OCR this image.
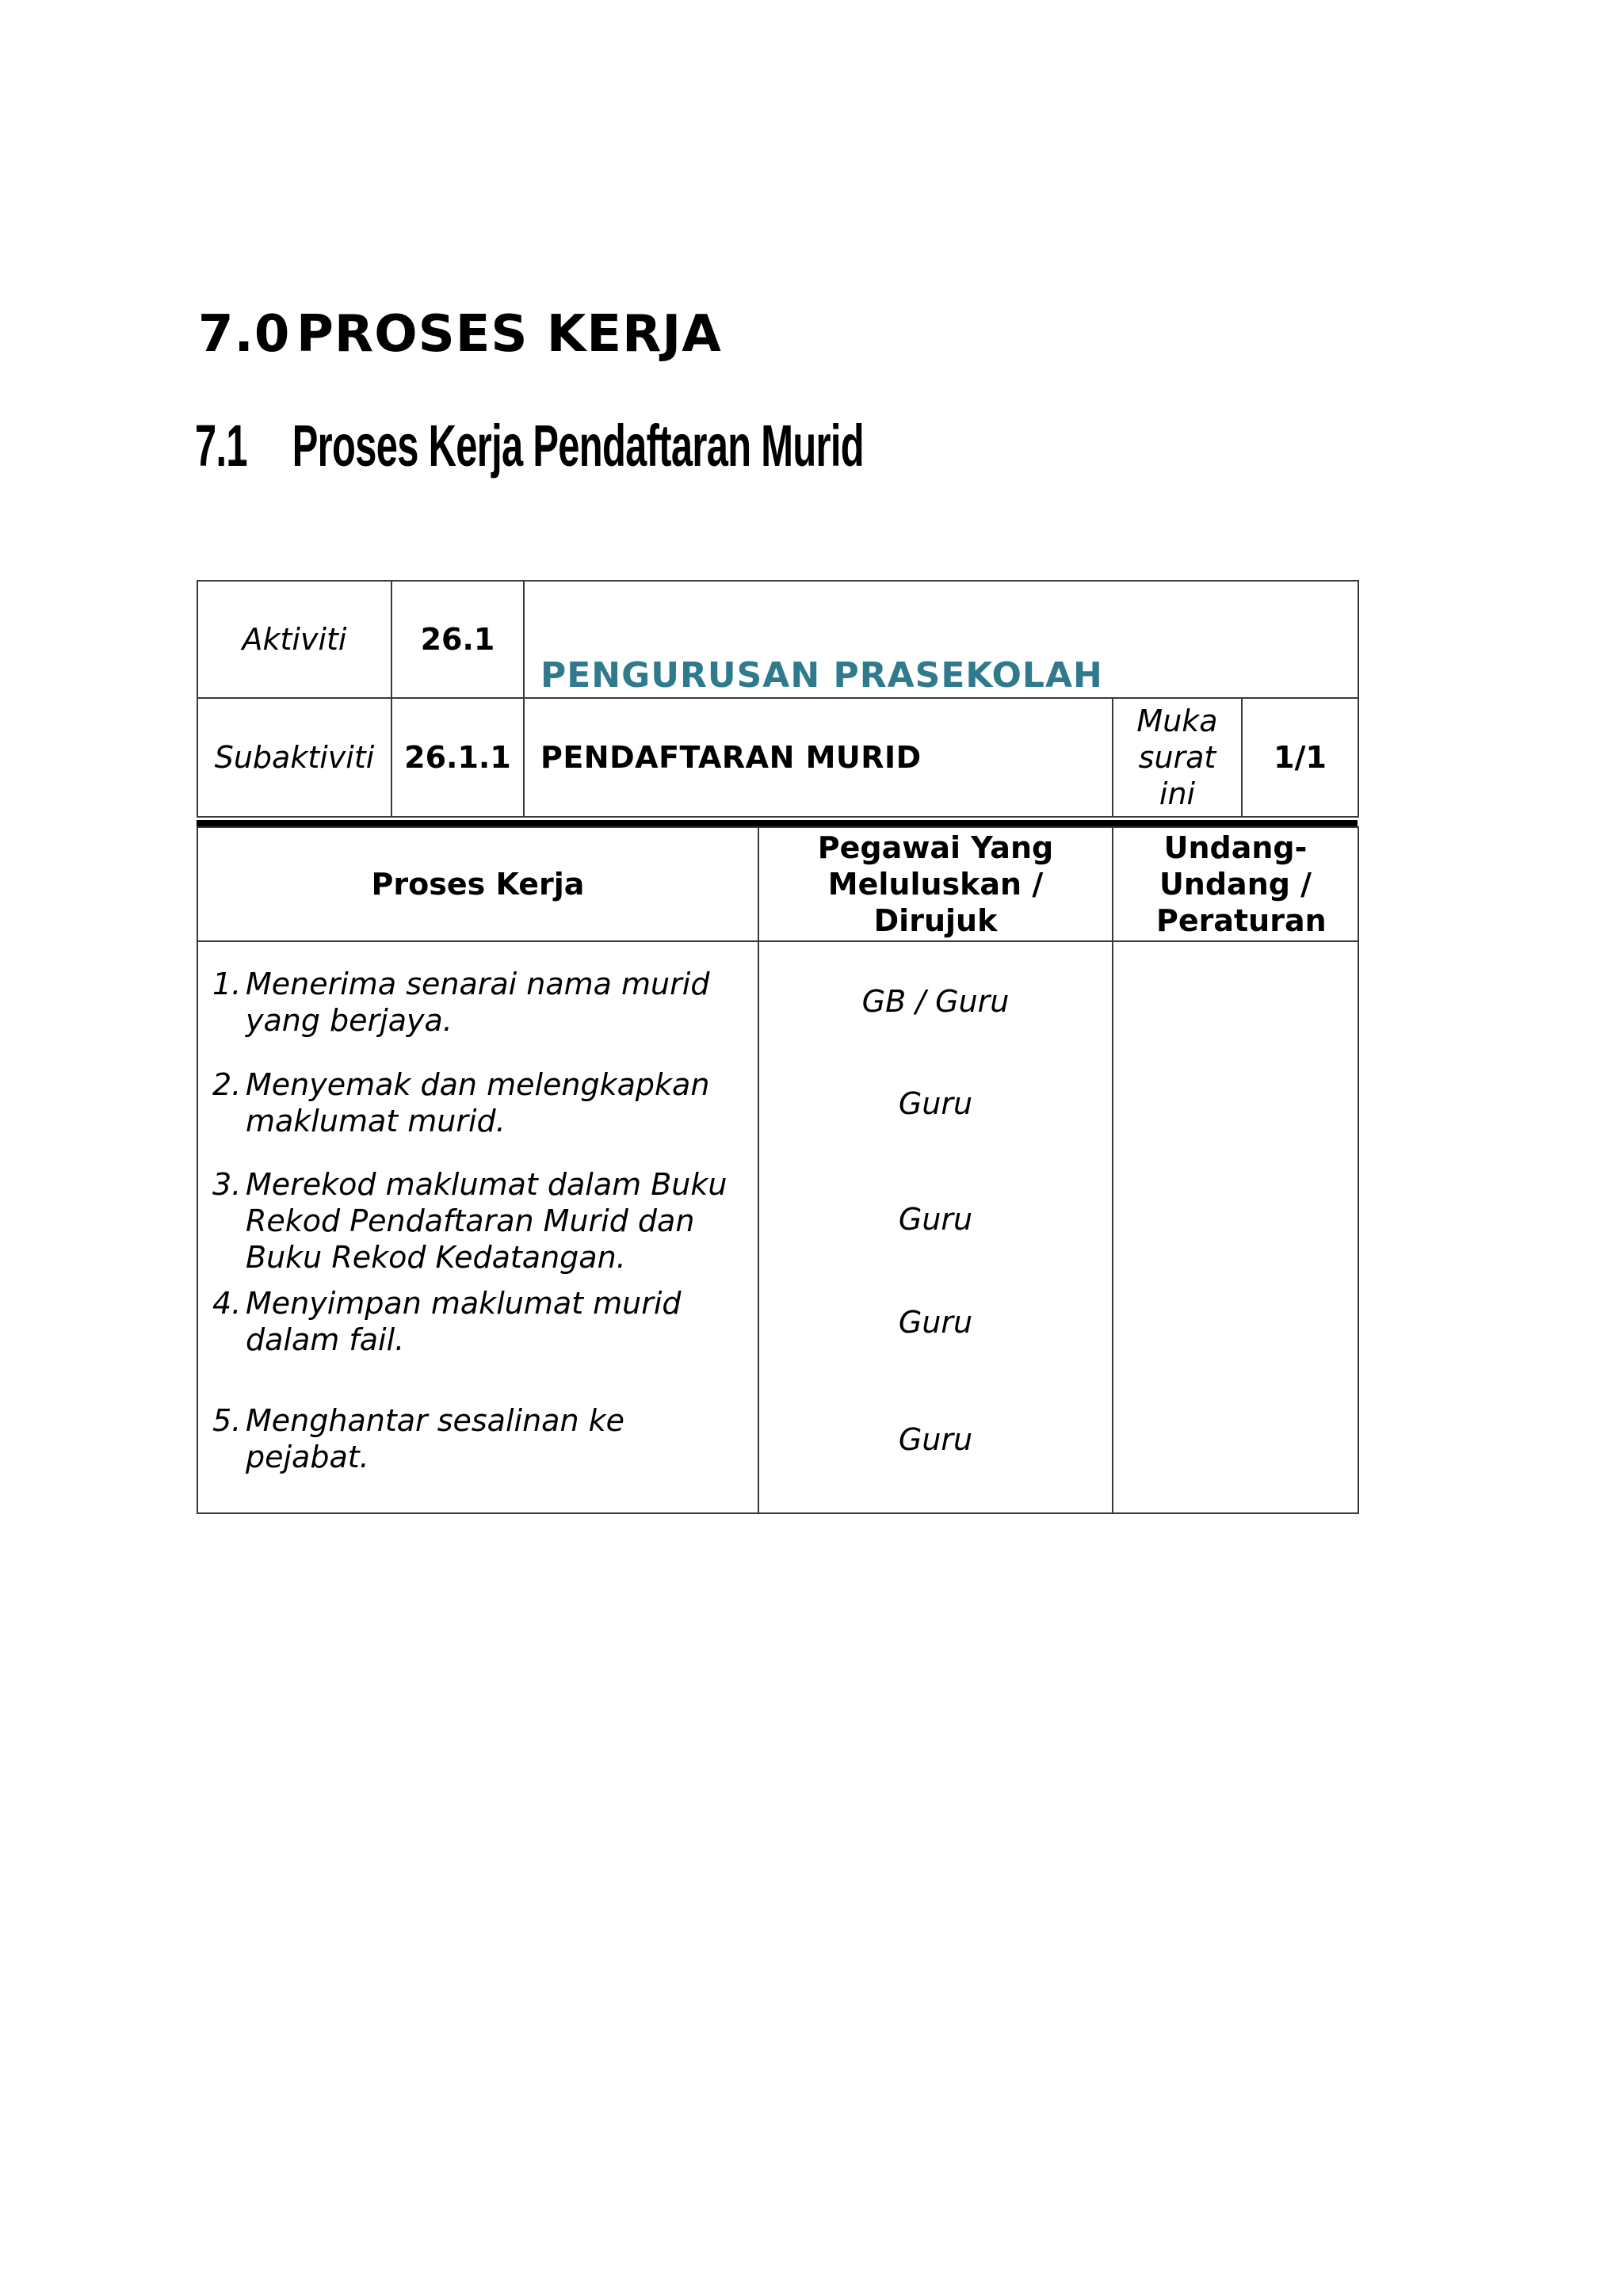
7.0 PROSES KERJA
7.1 Proses Kerja Pendaftaran Murid
Aktiviti	26.1	PENGURUSAN PRASEKOLAH		
Subaktiviti	26.1.1	PENDAFTARAN MURID	Muka surat ini	1/1
Proses Kerja	Pegawai Yang Meluluskan / Dirujuk	Undang-Undang / Peraturan

1. Menerima senarai nama murid yang berjaya.	GB / Guru	

2. Menyemak dan melengkapkan maklumat murid.	Guru	

3. Merekod maklumat dalam Buku Rekod Pendaftaran Murid dan Buku Rekod Kedatangan.	Guru	

4. Menyimpan maklumat murid dalam fail.	Guru	

5. Menghantar sesalinan ke pejabat.	Guru	
